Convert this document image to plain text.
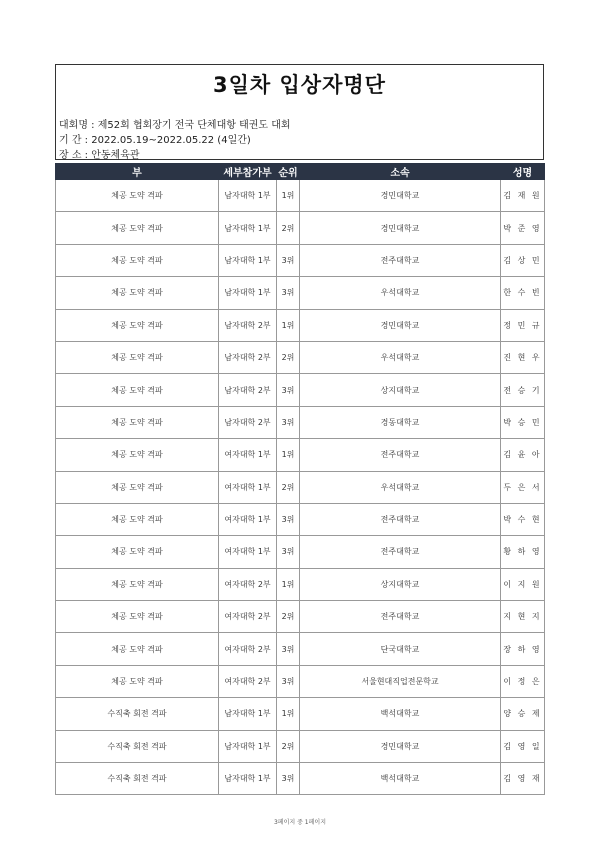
3일차 입상자명단
대회명 : 제52회 협회장기 전국 단체대항 태권도 대회
기 간 : 2022.05.19~2022.05.22 (4일간)
장 소 : 안동체육관
부	세부참가부	순위	소속	성명
체공 도약 격파	남자대학 1부	1위	경민대학교	김 재 원
체공 도약 격파	남자대학 1부	2위	경민대학교	박 준 영
체공 도약 격파	남자대학 1부	3위	전주대학교	김 상 민
체공 도약 격파	남자대학 1부	3위	우석대학교	한 수 빈
체공 도약 격파	남자대학 2부	1위	경민대학교	정 민 규
체공 도약 격파	남자대학 2부	2위	우석대학교	진 현 우
체공 도약 격파	남자대학 2부	3위	상지대학교	전 승 기
체공 도약 격파	남자대학 2부	3위	경동대학교	박 승 민
체공 도약 격파	여자대학 1부	1위	전주대학교	김 윤 아
체공 도약 격파	여자대학 1부	2위	우석대학교	두 은 서
체공 도약 격파	여자대학 1부	3위	전주대학교	박 수 현
체공 도약 격파	여자대학 1부	3위	전주대학교	황 하 영
체공 도약 격파	여자대학 2부	1위	상지대학교	이 지 원
체공 도약 격파	여자대학 2부	2위	전주대학교	지 현 지
체공 도약 격파	여자대학 2부	3위	단국대학교	장 하 영
체공 도약 격파	여자대학 2부	3위	서울현대직업전문학교	이 정 은
수직축 회전 격파	남자대학 1부	1위	백석대학교	양 승 제
수직축 회전 격파	남자대학 1부	2위	경민대학교	김 영 일
수직축 회전 격파	남자대학 1부	3위	백석대학교	김 영 재
3페이지 중 1페이지
